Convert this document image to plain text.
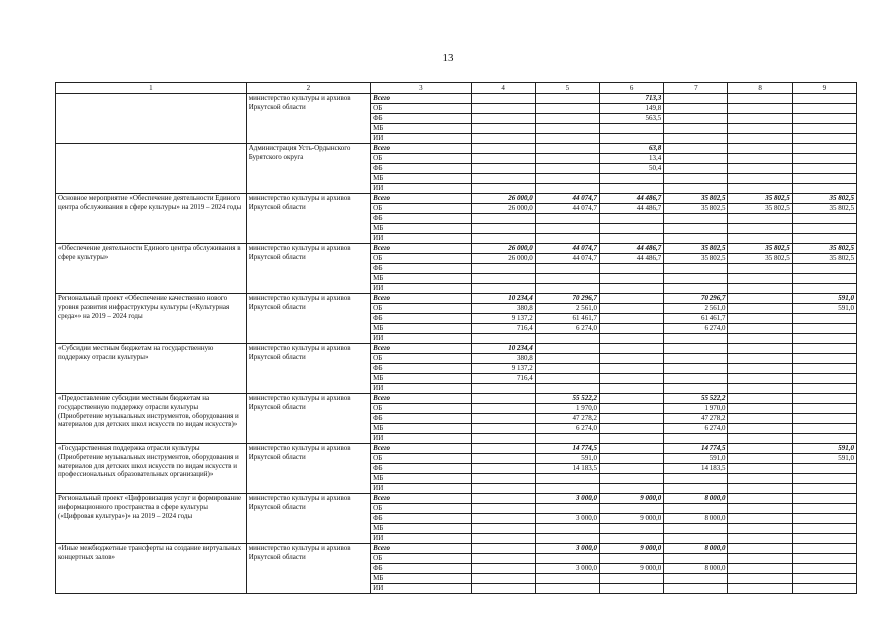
13
1	2	3	4	5	6	7	8	9
	министерство культуры и архивов Иркутской области	Всего			713,3			
		ОБ			149,8			
		ФБ			563,5			
		МБ						
		ИИ						
	Администрация Усть-Ордынского Бурятского округа	Всего			63,8			
		ОБ			13,4			
		ФБ			50,4			
		МБ						
		ИИ						
Основное мероприятие «Обеспечение деятельности Единого центра обслуживания в сфере культуры» на 2019 – 2024 годы	министерство культуры и архивов Иркутской области	Всего	26 000,0	44 074,7	44 486,7	35 802,5	35 802,5	35 802,5
		ОБ	26 000,0	44 074,7	44 486,7	35 802,5	35 802,5	35 802,5
		ФБ						
		МБ						
		ИИ						
«Обеспечение деятельности Единого центра обслуживания в сфере культуры»	министерство культуры и архивов Иркутской области	Всего	26 000,0	44 074,7	44 486,7	35 802,5	35 802,5	35 802,5
		ОБ	26 000,0	44 074,7	44 486,7	35 802,5	35 802,5	35 802,5
		ФБ						
		МБ						
		ИИ						
Региональный проект «Обеспечение качественно нового уровня развития инфраструктуры культуры («Культурная среда»» на 2019 – 2024 годы	министерство культуры и архивов Иркутской области	Всего	10 234,4	70 296,7		70 296,7		591,0
		ОБ	380,8	2 561,0		2 561,0		591,0
		ФБ	9 137,2	61 461,7		61 461,7		
		МБ	716,4	6 274,0		6 274,0		
		ИИ						
«Субсидии местным бюджетам на государственную поддержку отрасли культуры»	министерство культуры и архивов Иркутской области	Всего	10 234,4					
		ОБ	380,8					
		ФБ	9 137,2					
		МБ	716,4					
		ИИ						
«Предоставление субсидии местным бюджетам на государственную поддержку отрасли культуры (Приобретение музыкальных инструментов, оборудования и материалов для детских школ искусств по видам искусств)»	министерство культуры и архивов Иркутской области	Всего		55 522,2		55 522,2		
		ОБ		1 970,0		1 970,0		
		ФБ		47 278,2		47 278,2		
		МБ		6 274,0		6 274,0		
		ИИ						
«Государственная поддержка отрасли культуры (Приобретение музыкальных инструментов, оборудования и материалов для детских школ искусств по видам искусств и профессиональных образовательных организаций)»	министерство культуры и архивов Иркутской области	Всего		14 774,5		14 774,5		591,0
		ОБ		591,0		591,0		591,0
		ФБ		14 183,5		14 183,5		
		МБ						
		ИИ						
Региональный проект «Цифровизация услуг и формирование информационного пространства в сфере культуры («Цифровая культура»)» на 2019 – 2024 годы	министерство культуры и архивов Иркутской области	Всего		3 000,0	9 000,0	8 000,0		
		ОБ						
		ФБ		3 000,0	9 000,0	8 000,0		
		МБ						
		ИИ						
«Иные межбюджетные трансферты на создание виртуальных концертных залов»	министерство культуры и архивов Иркутской области	Всего		3 000,0	9 000,0	8 000,0		
		ОБ						
		ФБ		3 000,0	9 000,0	8 000,0		
		МБ						
		ИИ						
